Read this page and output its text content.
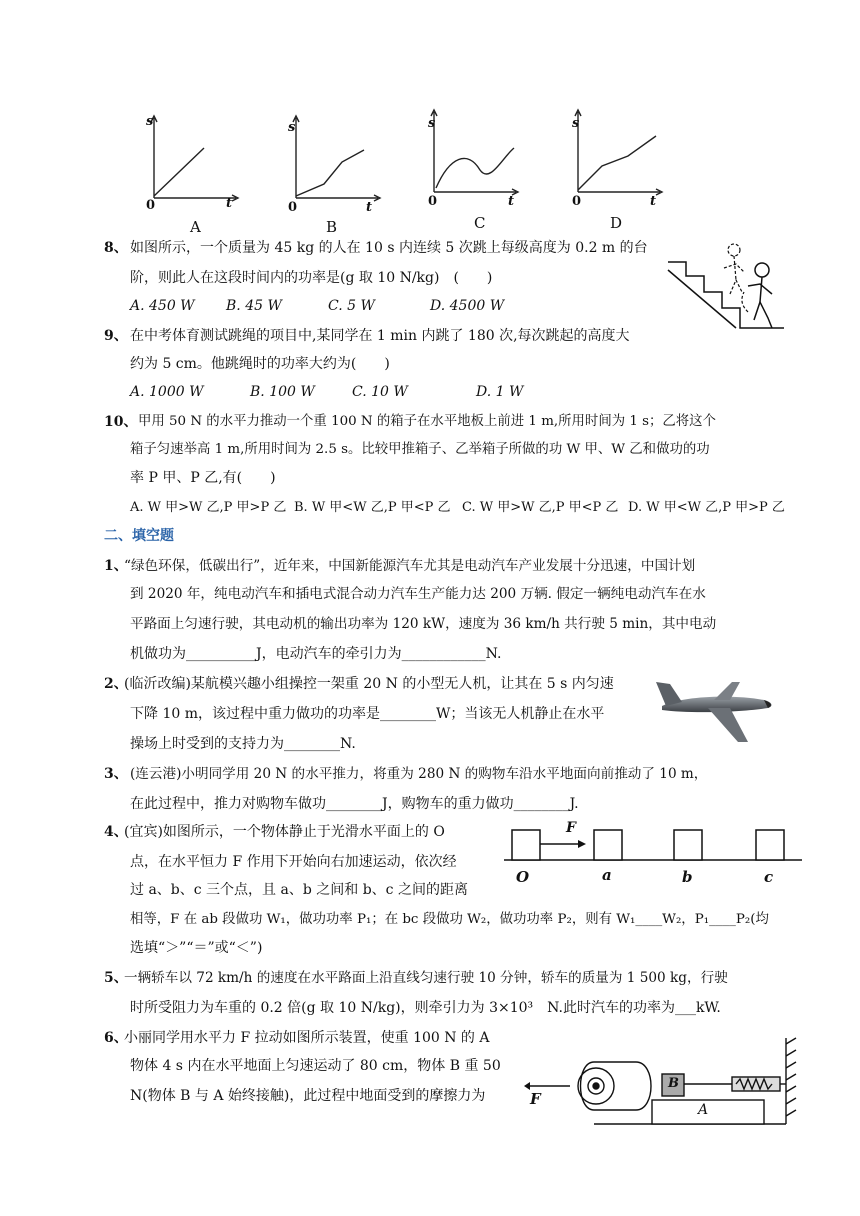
s
t
0
A
s
t
0
B
s
t
0
C
s
t
0
D
8、 如图所示，一个质量为 45 kg 的人在 10 s 内连续 5 次跳上每级高度为 0.2 m 的台
阶，则此人在这段时间内的功率是(g 取 10 N/kg)　(　　)
A. 450 W B. 45 W	C. 5 W	D. 4500 W
9、 在中考体育测试跳绳的项目中,某同学在 1 min 内跳了 180 次,每次跳起的高度大
约为 5 cm。他跳绳时的功率大约为(　　)
A. 1000 W	B. 100 W	C. 10 W	D. 1 W
10、 甲用 50 N 的水平力推动一个重 100 N 的箱子在水平地板上前进 1 m,所用时间为 1 s；乙将这个
箱子匀速举高 1 m,所用时间为 2.5 s。比较甲推箱子、乙举箱子所做的功 W 甲、W 乙和做功的功
率 P 甲、P 乙,有(　　)
A. W 甲>W 乙,P 甲>P 乙 B. W 甲<W 乙,P 甲<P 乙 C. W 甲>W 乙,P 甲<P 乙 D. W 甲<W 乙,P 甲>P 乙
二、填空题
1、
“绿色环保，低碳出行”，近年来，中国新能源汽车尤其是电动汽车产业发展十分迅速，中国计划
到 2020 年，纯电动汽车和插电式混合动力汽车生产能力达 200 万辆. 假定一辆纯电动汽车在水
平路面上匀速行驶，其电动机的输出功率为 120 kW，速度为 36 km/h 共行驶 5 min，其中电动
机做功为__________J，电动汽车的牵引力为____________N.
2、
(临沂改编)某航模兴趣小组操控一架重 20 N 的小型无人机，让其在 5 s 内匀速
下降 10 m，该过程中重力做功的功率是________W；当该无人机静止在水平
操场上时受到的支持力为________N.
3、 (连云港)小明同学用 20 N 的水平推力，将重为 280 N 的购物车沿水平地面向前推动了 10 m，
在此过程中，推力对购物车做功________J，购物车的重力做功________J.
4、
(宜宾)如图所示，一个物体静止于光滑水平面上的 O
点，在水平恒力 F 作用下开始向右加速运动，依次经
过 a、b、c 三个点，且 a、b 之间和 b、c 之间的距离
相等，F 在 ab 段做功 W₁，做功功率 P₁；在 bc 段做功 W₂，做功功率 P₂，则有 W₁____W₂，P₁____P₂(均
选填“＞”“＝”或“＜”)
F
O	a	b	c
5、
一辆轿车以 72 km/h 的速度在水平路面上沿直线匀速行驶 10 分钟，轿车的质量为 1 500 kg，行驶
时所受阻力为车重的 0.2 倍(g 取 10 N/kg)，则牵引力为 3×10³　N.此时汽车的功率为___kW.
6、
小丽同学用水平力 F 拉动如图所示装置，使重 100 N 的 A
物体 4 s 内在水平地面上匀速运动了 80 cm，物体 B 重 50
N(物体 B 与 A 始终接触)，此过程中地面受到的摩擦力为	F
B
A
